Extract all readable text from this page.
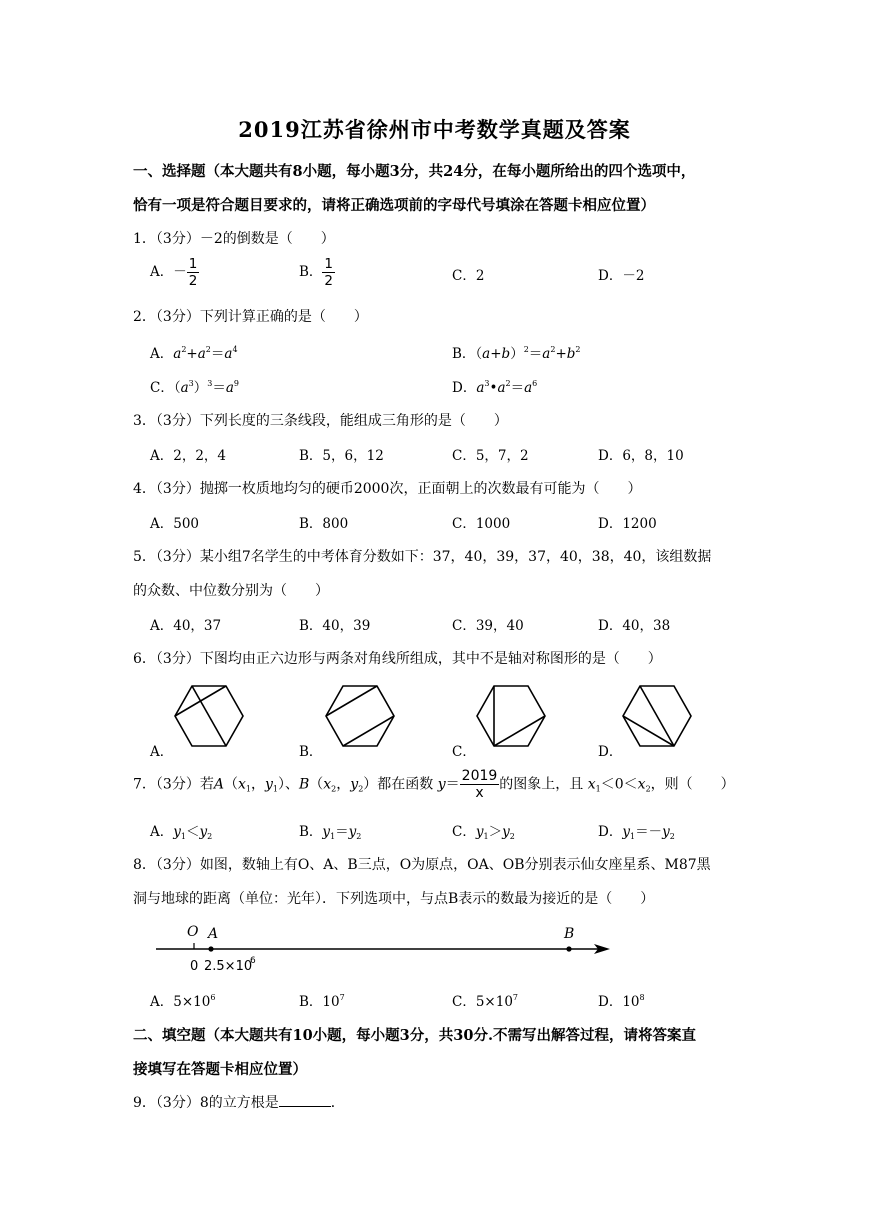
2019江苏省徐州市中考数学真题及答案
一、选择题（本大题共有8小题，每小题3分，共24分，在每小题所给出的四个选项中，
恰有一项是符合题目要求的，请将正确选项前的字母代号填涂在答题卡相应位置）
1．（3分）－2的倒数是（　　）
A．－ $\frac{1}{2}$	B． $\frac{1}{2}$	C．2	D．－2
2．（3分）下列计算正确的是（　　）
A．$a^2+a^2=a^4$	B．$(a+b)^2=a^2+b^2$
C．$(a^3)^3=a^9$	D．$a^3•a^2=a^6$
3．（3分）下列长度的三条线段，能组成三角形的是（　　）
A．2，2，4	B．5，6，12	C．5，7，2	D．6，8，10
4．（3分）抛掷一枚质地均匀的硬币2000次，正面朝上的次数最有可能为（　　）
A．500	B．800	C．1000	D．1200
5．（3分）某小组7名学生的中考体育分数如下：37，40，39，37，40，38，40，该组数据
的众数、中位数分别为（　　）
A．40，37	B．40，39	C．39，40	D．40，38
6．（3分）下图均由正六边形与两条对角线所组成，其中不是轴对称图形的是（　　）
A．	B．	C．	D．
7．（3分）若$A(x_1$，$y_1$）、$B(x_2$，$y_2$）都在函数 $y= \frac{2019}{x}$ 的图象上，且 $x_1<0<x_2$，则（　　）
A．$y_1<y_2$	B．$y_1=y_2$	C．$y_1>y_2$	D．$y_1=-y_2$
8．（3分）如图，数轴上有O、A、B三点，O为原点，OA、OB分别表示仙女座星系、M87黑
洞与地球的距离（单位：光年）．下列选项中，与点B表示的数最为接近的是（　　）
O A	B
0 2.5×10
6
A．$5\times 10^6$	B．$10^7$	C．$5\times 10^7$	D．$10^8$
二、填空题（本大题共有10小题，每小题3分，共30分.不需写出解答过程，请将答案直
接填写在答题卡相应位置）
9．（3分）8的立方根是	．
